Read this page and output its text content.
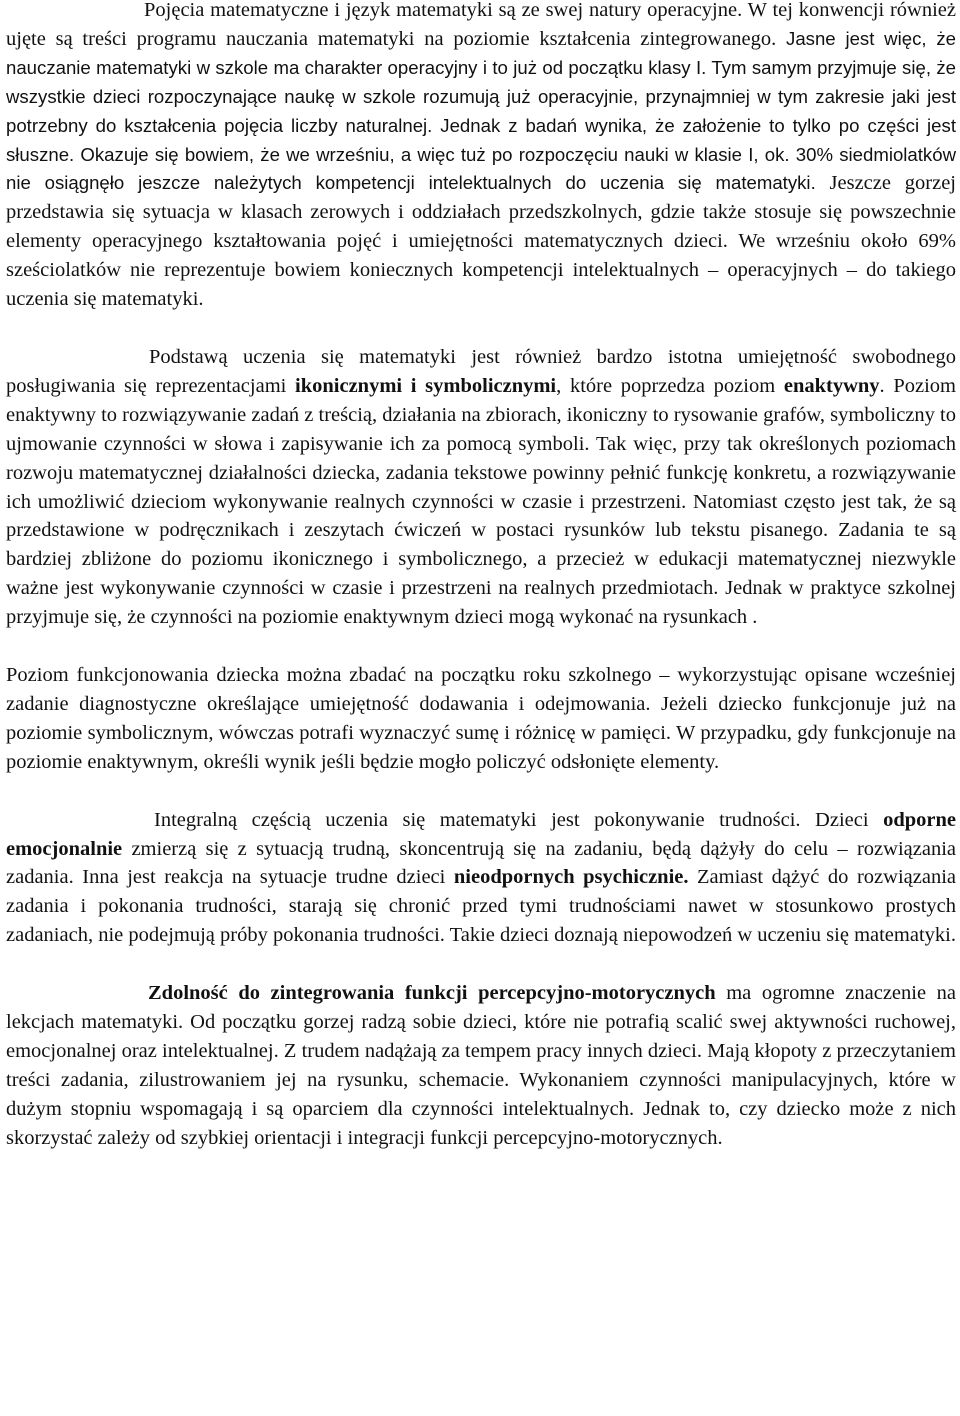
Pojęcia matematyczne i język matematyki są ze swej natury operacyjne. W tej konwencji również ujęte są treści programu nauczania matematyki na poziomie kształcenia zintegrowanego. Jasne jest więc, że nauczanie matematyki w szkole ma charakter operacyjny i to już od początku klasy I. Tym samym przyjmuje się, że wszystkie dzieci rozpoczynające naukę w szkole rozumują już operacyjnie, przynajmniej w tym zakresie jaki jest potrzebny do kształcenia pojęcia liczby naturalnej. Jednak z badań wynika, że założenie to tylko po części jest słuszne. Okazuje się bowiem, że we wrześniu, a więc tuż po rozpoczęciu nauki w klasie I, ok. 30% siedmiolatków nie osiągnęło jeszcze należytych kompetencji intelektualnych do uczenia się matematyki. Jeszcze gorzej przedstawia się sytuacja w klasach zerowych i oddziałach przedszkolnych, gdzie także stosuje się powszechnie elementy operacyjnego kształtowania pojęć i umiejętności matematycznych dzieci. We wrześniu około 69% sześciolatków nie reprezentuje bowiem koniecznych kompetencji intelektualnych – operacyjnych – do takiego uczenia się matematyki.

Podstawą uczenia się matematyki jest również bardzo istotna umiejętność swobodnego posługiwania się reprezentacjami ikonicznymi i symbolicznymi, które poprzedza poziom enaktywny. Poziom enaktywny to rozwiązywanie zadań z treścią, działania na zbiorach, ikoniczny to rysowanie grafów, symboliczny to ujmowanie czynności w słowa i zapisywanie ich za pomocą symboli. Tak więc, przy tak określonych poziomach rozwoju matematycznej działalności dziecka, zadania tekstowe powinny pełnić funkcję konkretu, a rozwiązywanie ich umożliwić dzieciom wykonywanie realnych czynności w czasie i przestrzeni. Natomiast często jest tak, że są przedstawione w podręcznikach i zeszytach ćwiczeń w postaci rysunków lub tekstu pisanego. Zadania te są bardziej zbliżone do poziomu ikonicznego i symbolicznego, a przecież w edukacji matematycznej niezwykle ważne jest wykonywanie czynności w czasie i przestrzeni na realnych przedmiotach. Jednak w praktyce szkolnej przyjmuje się, że czynności na poziomie enaktywnym dzieci mogą wykonać na rysunkach .

Poziom funkcjonowania dziecka można zbadać na początku roku szkolnego – wykorzystując opisane wcześniej zadanie diagnostyczne określające umiejętność dodawania i odejmowania. Jeżeli dziecko funkcjonuje już na poziomie symbolicznym, wówczas potrafi wyznaczyć sumę i różnicę w pamięci. W przypadku, gdy funkcjonuje na poziomie enaktywnym, określi wynik jeśli będzie mogło policzyć odsłonięte elementy.

Integralną częścią uczenia się matematyki jest pokonywanie trudności. Dzieci odporne emocjonalnie zmierzą się z sytuacją trudną, skoncentrują się na zadaniu, będą dążyły do celu – rozwiązania zadania. Inna jest reakcja na sytuacje trudne dzieci nieodpornych psychicznie. Zamiast dążyć do rozwiązania zadania i pokonania trudności, starają się chronić przed tymi trudnościami nawet w stosunkowo prostych zadaniach, nie podejmują próby pokonania trudności. Takie dzieci doznają niepowodzeń w uczeniu się matematyki.

Zdolność do zintegrowania funkcji percepcyjno-motorycznych ma ogromne znaczenie na lekcjach matematyki. Od początku gorzej radzą sobie dzieci, które nie potrafią scalić swej aktywności ruchowej, emocjonalnej oraz intelektualnej. Z trudem nadążają za tempem pracy innych dzieci. Mają kłopoty z przeczytaniem treści zadania, zilustrowaniem jej na rysunku, schemacie. Wykonaniem czynności manipulacyjnych, które w dużym stopniu wspomagają i są oparciem dla czynności intelektualnych. Jednak to, czy dziecko może z nich skorzystać zależy od szybkiej orientacji i integracji funkcji percepcyjno-motorycznych.
